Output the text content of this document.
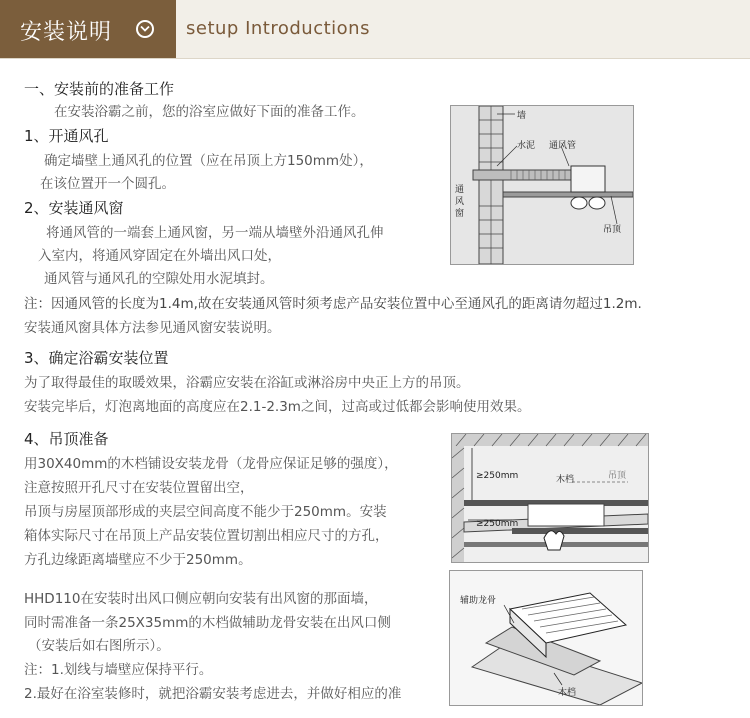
安装说明	setup Introductions
一、安装前的准备工作
在安装浴霸之前，您的浴室应做好下面的准备工作。
1、开通风孔
确定墙壁上通风孔的位置（应在吊顶上方150mm处），
在该位置开一个圆孔。
2、安装通风窗
将通风管的一端套上通风窗，另一端从墙壁外沿通风孔伸
入室内，将通风穿固定在外墙出风口处，
通风管与通风孔的空隙处用水泥填封。
注：因通风管的长度为1.4m,故在安装通风管时须考虑产品安装位置中心至通风孔的距离请勿超过1.2m.
安装通风窗具体方法参见通风窗安装说明。
3、确定浴霸安装位置
为了取得最佳的取暖效果，浴霸应安装在浴缸或淋浴房中央正上方的吊顶。
安装完毕后，灯泡离地面的高度应在2.1-2.3m之间，过高或过低都会影响使用效果。
4、吊顶准备
用30X40mm的木档铺设安装龙骨（龙骨应保证足够的强度），
注意按照开孔尺寸在安装位置留出空，
吊顶与房屋顶部形成的夹层空间高度不能少于250mm。安装
箱体实际尺寸在吊顶上产品安装位置切割出相应尺寸的方孔，
方孔边缘距离墙壁应不少于250mm。
HHD110在安装时出风口侧应朝向安装有出风窗的那面墙，
同时需准备一条25X35mm的木档做辅助龙骨安装在出风口侧
（安装后如右图所示）。
注：1.划线与墙壁应保持平行。
2.最好在浴室装修时，就把浴霸安装考虑进去，并做好相应的准
墙
水泥 通风管
通
风
窗
吊顶
≥250mm	木档	吊顶
≥250mm
辅助龙骨
木档
